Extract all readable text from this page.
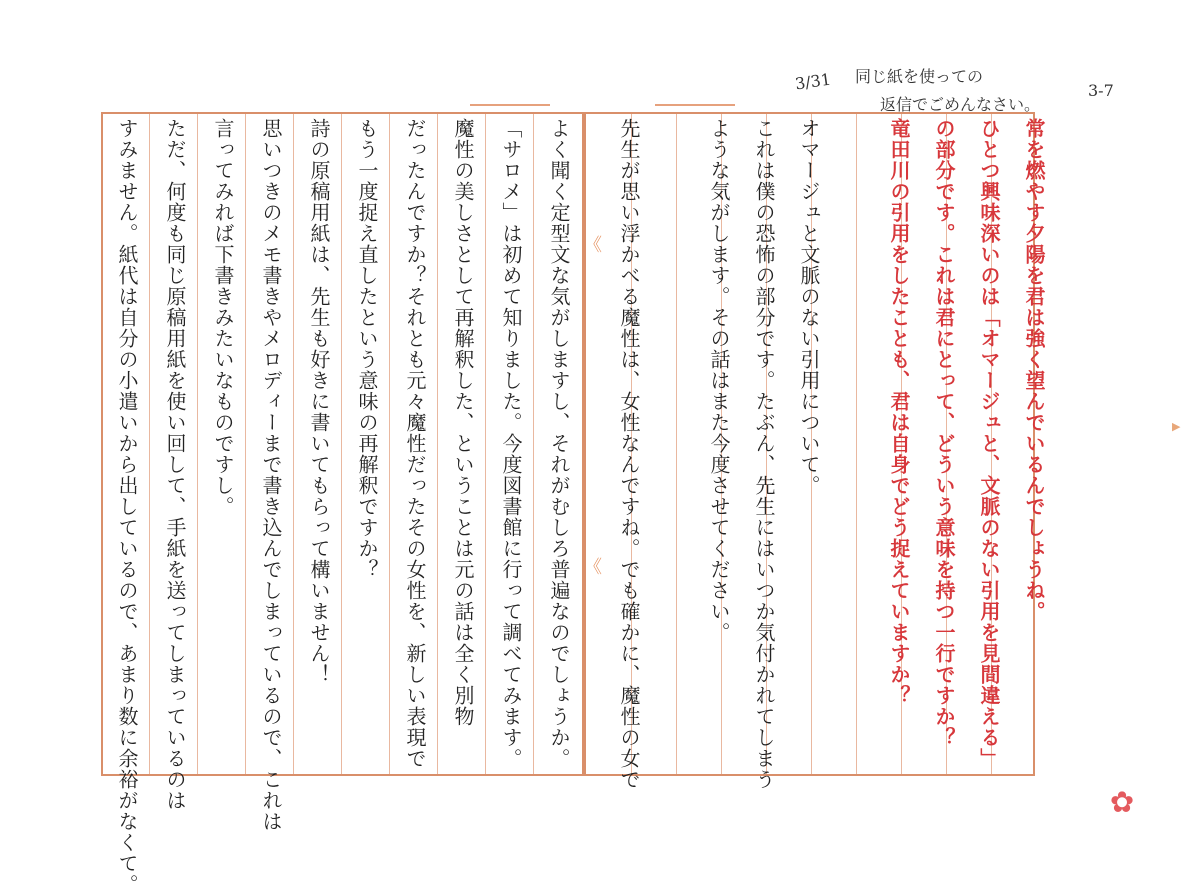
3/31 同じ紙を使っての
返信でごめんなさい。
3-7
すみません。紙代は自分の小遣いから出しているので、あまり数に余裕がなくて。 ただ、何度も同じ原稿用紙を使い回して、手紙を送ってしまっているのは 言ってみれば下書きみたいなものですし。 思いつきのメモ書きやメロディーまで書き込んでしまっているので、これは 詩の原稿用紙は、先生も好きに書いてもらって構いません！ もう一度捉え直したという意味の再解釈ですか？ だったんですか？それとも元々魔性だったその女性を、新しい表現で 魔性の美しさとして再解釈した、ということは元の話は全く別物 「サロメ」は初めて知りました。今度図書館に行って調べてみます。 よく聞く定型文な気がしますし、それがむしろ普遍なのでしょうか。 先生が思い浮かべる魔性は、女性なんですね。でも確かに、魔性の女で	ような気がします。その話はまた今度させてください。 これは僕の恐怖の部分です。たぶん、先生にはいつか気付かれてしまう オマージュと文脈のない引用について。	竜田川の引用をしたことも、君は自身でどう捉えていますか？ の部分です。これは君にとって、どういう意味を持つ一行ですか？ ひとつ興味深いのは「オマージュと、文脈のない引用を見間違える」 常を燃やす夕陽を君は強く望んでいるんでしょうね。
《
《
▶
✿
